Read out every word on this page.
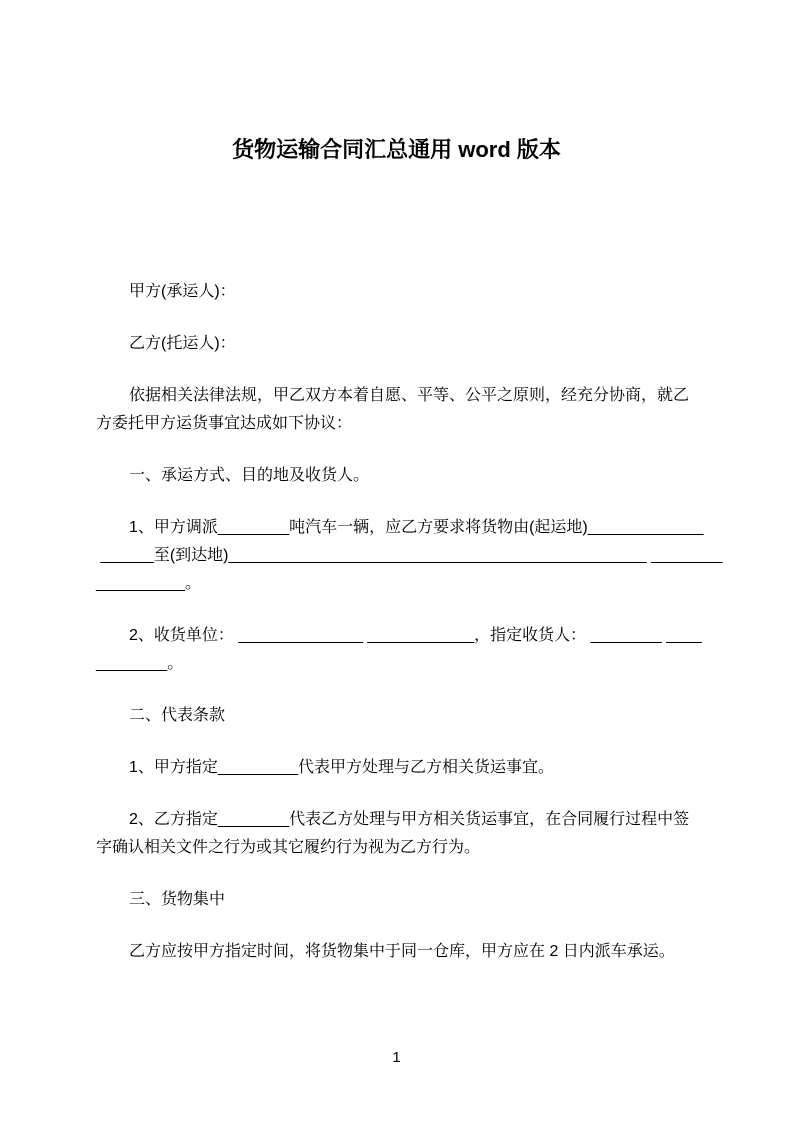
货物运输合同汇总通用 word 版本
甲方(承运人)：
乙方(托运人)：
依据相关法律法规，甲乙双方本着自愿、平等、公平之原则，经充分协商，就乙
方委托甲方运货事宜达成如下协议：
一、承运方式、目的地及收货人。
1、甲方调派________吨汽车一辆，应乙方要求将货物由(起运地)_____________
______至(到达地)_______________________________________________ ________
__________。
2、收货单位： ______________ ____________，指定收货人： ________ ____
________。
二、代表条款
1、甲方指定_________代表甲方处理与乙方相关货运事宜。
2、乙方指定________代表乙方处理与甲方相关货运事宜，在合同履行过程中签
字确认相关文件之行为或其它履约行为视为乙方行为。
三、货物集中
乙方应按甲方指定时间，将货物集中于同一仓库，甲方应在 2 日内派车承运。
1
